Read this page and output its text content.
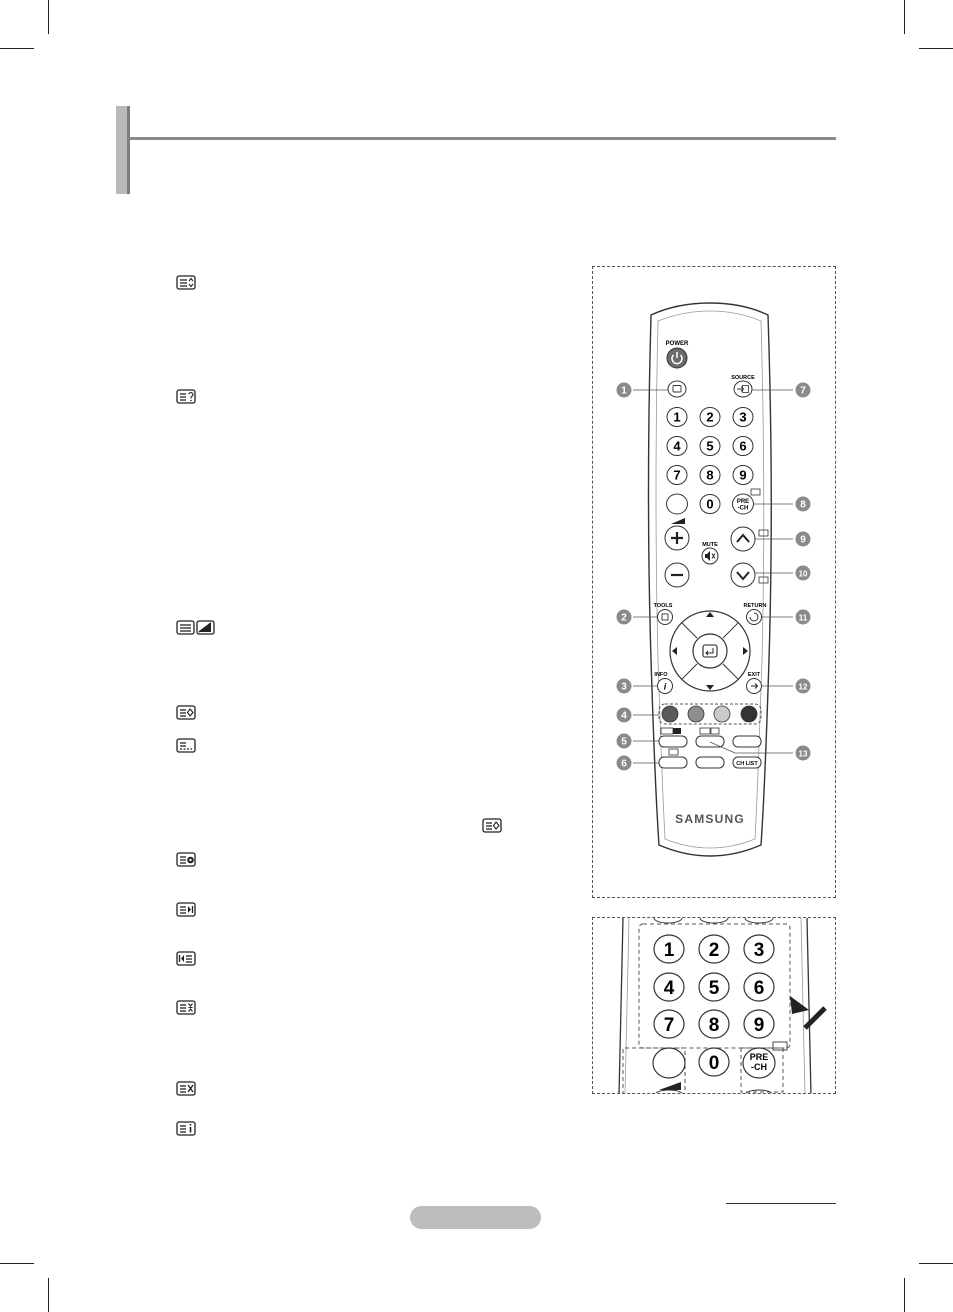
POWER
SOURCE
1 2 3
4 5 6
7 8 9
0	PRE
-CH
MUTE
TOOLS	RETURN
INFO
i
EXIT
CH LIST
SAMSUNG
1
2
3
4
5
6
7
8
9
10
11
12
13
1 2 3
4 5 6
7 8 9
0	PRE
-CH
